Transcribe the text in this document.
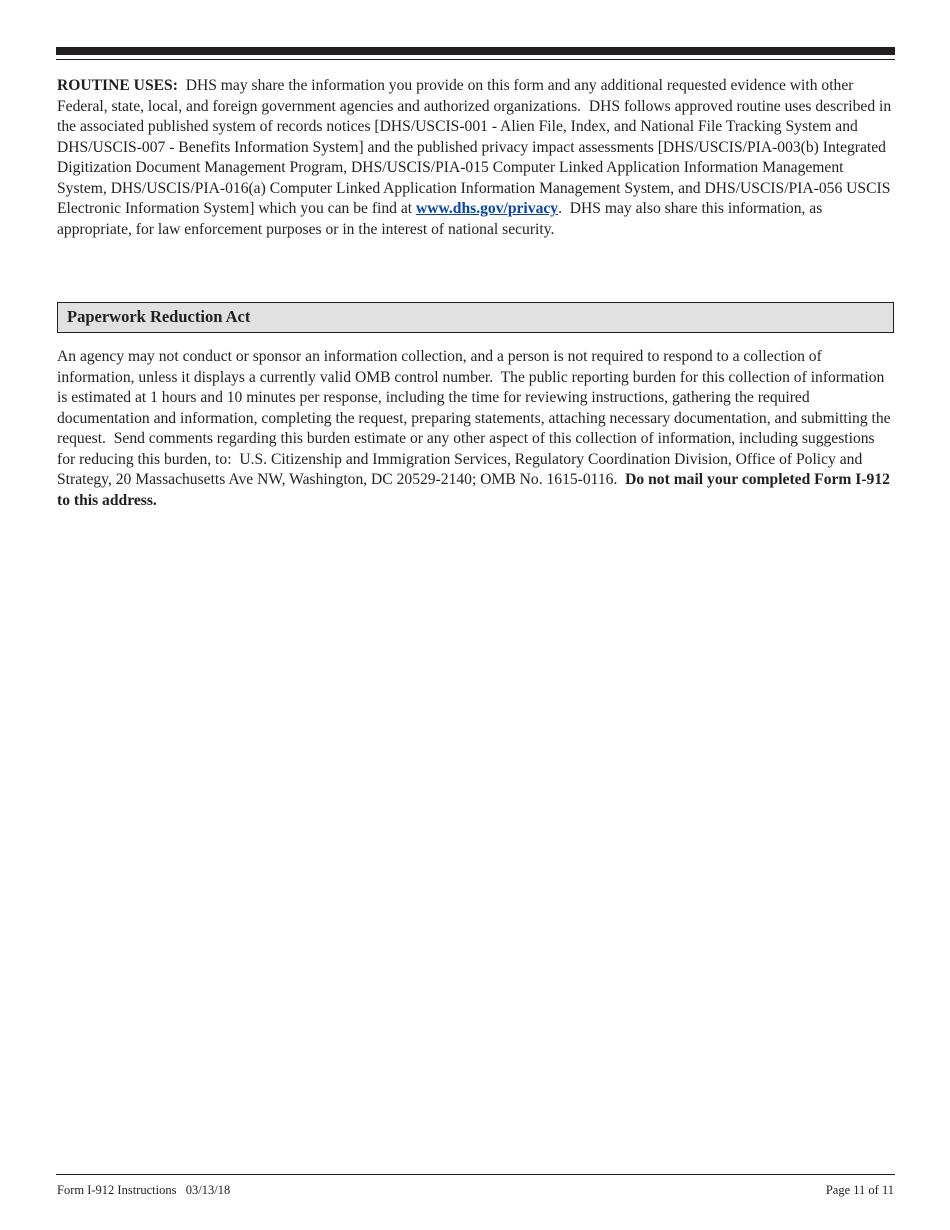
ROUTINE USES:  DHS may share the information you provide on this form and any additional requested evidence with other Federal, state, local, and foreign government agencies and authorized organizations.  DHS follows approved routine uses described in the associated published system of records notices [DHS/USCIS-001 - Alien File, Index, and National File Tracking System and DHS/USCIS-007 - Benefits Information System] and the published privacy impact assessments [DHS/USCIS/PIA-003(b) Integrated Digitization Document Management Program, DHS/USCIS/PIA-015 Computer Linked Application Information Management System, DHS/USCIS/PIA-016(a) Computer Linked Application Information Management System, and DHS/USCIS/PIA-056 USCIS Electronic Information System] which you can be find at www.dhs.gov/privacy.  DHS may also share this information, as appropriate, for law enforcement purposes or in the interest of national security.

Paperwork Reduction Act

An agency may not conduct or sponsor an information collection, and a person is not required to respond to a collection of information, unless it displays a currently valid OMB control number.  The public reporting burden for this collection of information is estimated at 1 hours and 10 minutes per response, including the time for reviewing instructions, gathering the required documentation and information, completing the request, preparing statements, attaching necessary documentation, and submitting the request.  Send comments regarding this burden estimate or any other aspect of this collection of information, including suggestions for reducing this burden, to:  U.S. Citizenship and Immigration Services, Regulatory Coordination Division, Office of Policy and Strategy, 20 Massachusetts Ave NW, Washington, DC 20529-2140; OMB No. 1615-0116.  Do not mail your completed Form I-912 to this address.

Form I-912 Instructions   03/13/18	Page 11 of 11
